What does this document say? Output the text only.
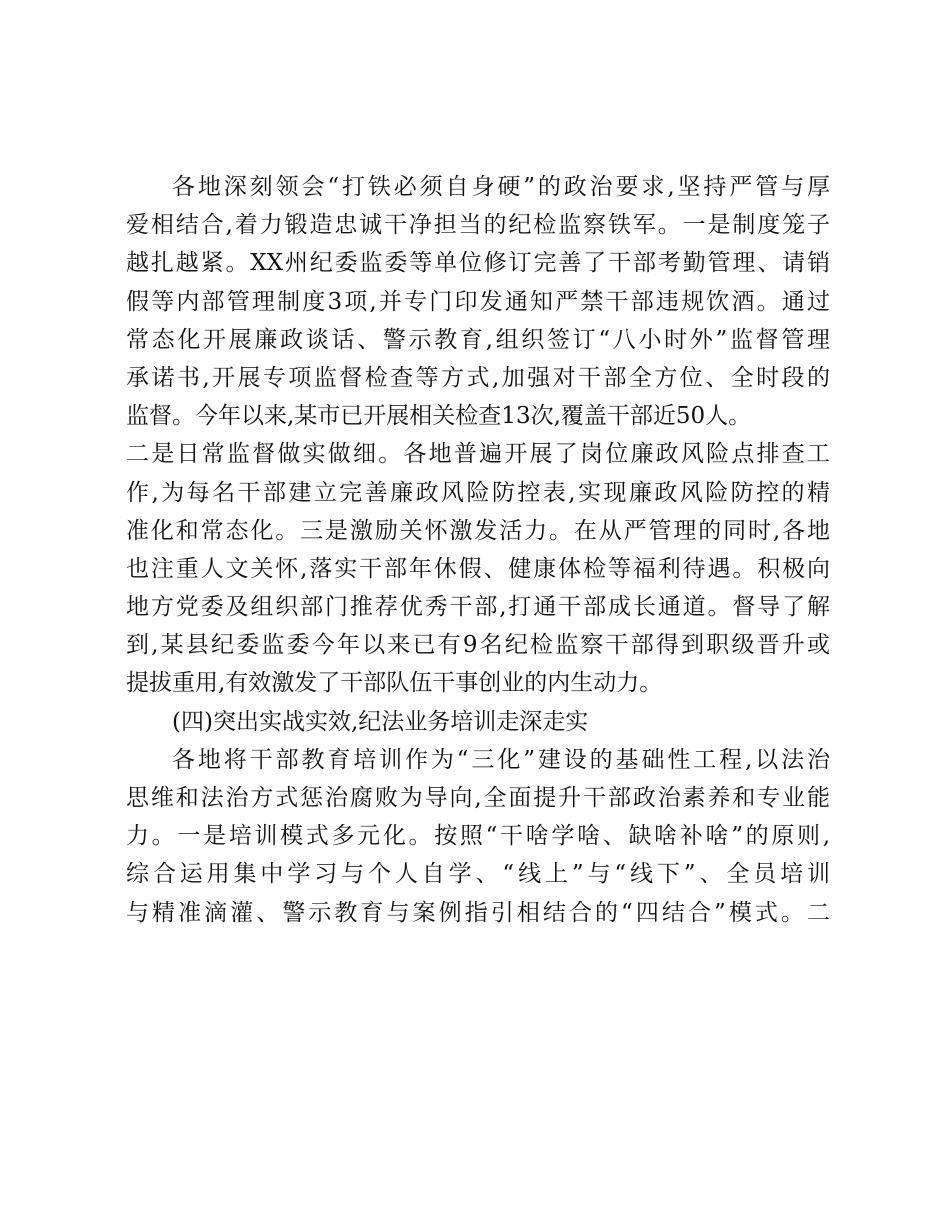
各地深刻领会“打铁必须自身硬”的政治要求,坚持严管与厚
爱相结合,着力锻造忠诚干净担当的纪检监察铁军。一是制度笼子
越扎越紧。XX州纪委监委等单位修订完善了干部考勤管理、请销
假等内部管理制度3项,并专门印发通知严禁干部违规饮酒。通过
常态化开展廉政谈话、警示教育,组织签订“八小时外”监督管理
承诺书,开展专项监督检查等方式,加强对干部全方位、全时段的
监督。今年以来,某市已开展相关检查13次,覆盖干部近50人。
二是日常监督做实做细。各地普遍开展了岗位廉政风险点排查工
作,为每名干部建立完善廉政风险防控表,实现廉政风险防控的精
准化和常态化。三是激励关怀激发活力。在从严管理的同时,各地
也注重人文关怀,落实干部年休假、健康体检等福利待遇。积极向
地方党委及组织部门推荐优秀干部,打通干部成长通道。督导了解
到,某县纪委监委今年以来已有9名纪检监察干部得到职级晋升或
提拔重用,有效激发了干部队伍干事创业的内生动力。
(四)突出实战实效,纪法业务培训走深走实
各地将干部教育培训作为“三化”建设的基础性工程,以法治
思维和法治方式惩治腐败为导向,全面提升干部政治素养和专业能
力。一是培训模式多元化。按照“干啥学啥、缺啥补啥”的原则,
综合运用集中学习与个人自学、“线上”与“线下”、全员培训
与精准滴灌、警示教育与案例指引相结合的“四结合”模式。二
